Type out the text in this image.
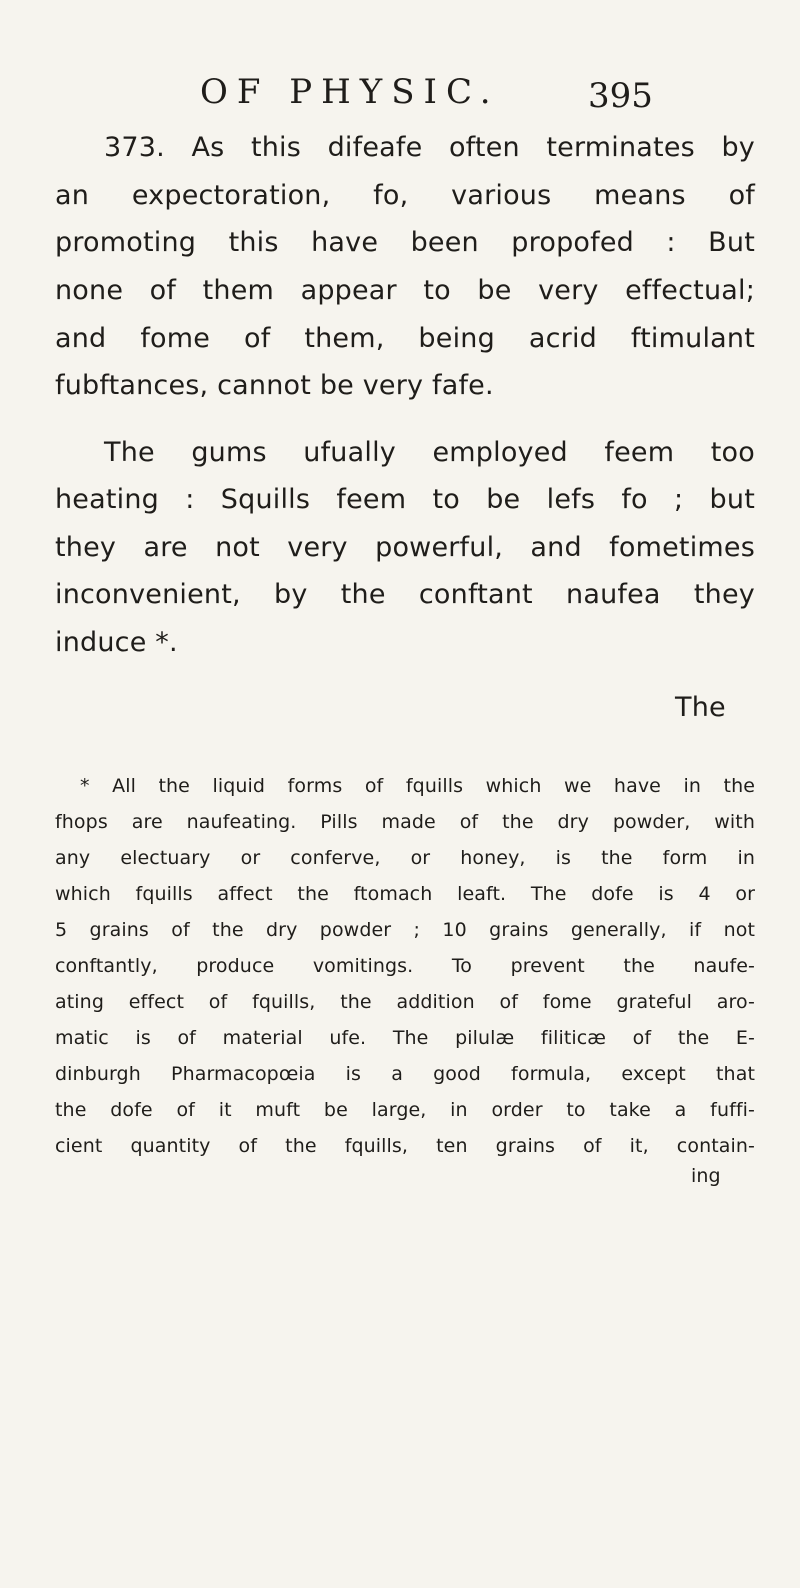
OF PHYSIC.	395
373. As this difeafe often terminates by
an expectoration, fo, various means of
promoting this have been propofed : But
none of them appear to be very effectual;
and fome of them, being acrid ftimulant
fubftances, cannot be very fafe.
The gums ufually employed feem too
heating : Squills feem to be lefs fo ; but
they are not very powerful, and fometimes
inconvenient, by the conftant naufea they
induce *.
The
* All the liquid forms of fquills which we have in the
fhops are naufeating. Pills made of the dry powder, with
any electuary or conferve, or honey, is the form in
which fquills affect the ftomach leaft. The dofe is 4 or
5 grains of the dry powder ; 10 grains generally, if not
conftantly, produce vomitings. To prevent the naufe-
ating effect of fquills, the addition of fome grateful aro-
matic is of material ufe. The pilulæ filiticæ of the E-
dinburgh Pharmacopœia is a good formula, except that
the dofe of it muft be large, in order to take a fuffi-
cient quantity of the fquills, ten grains of it, contain-
ing
